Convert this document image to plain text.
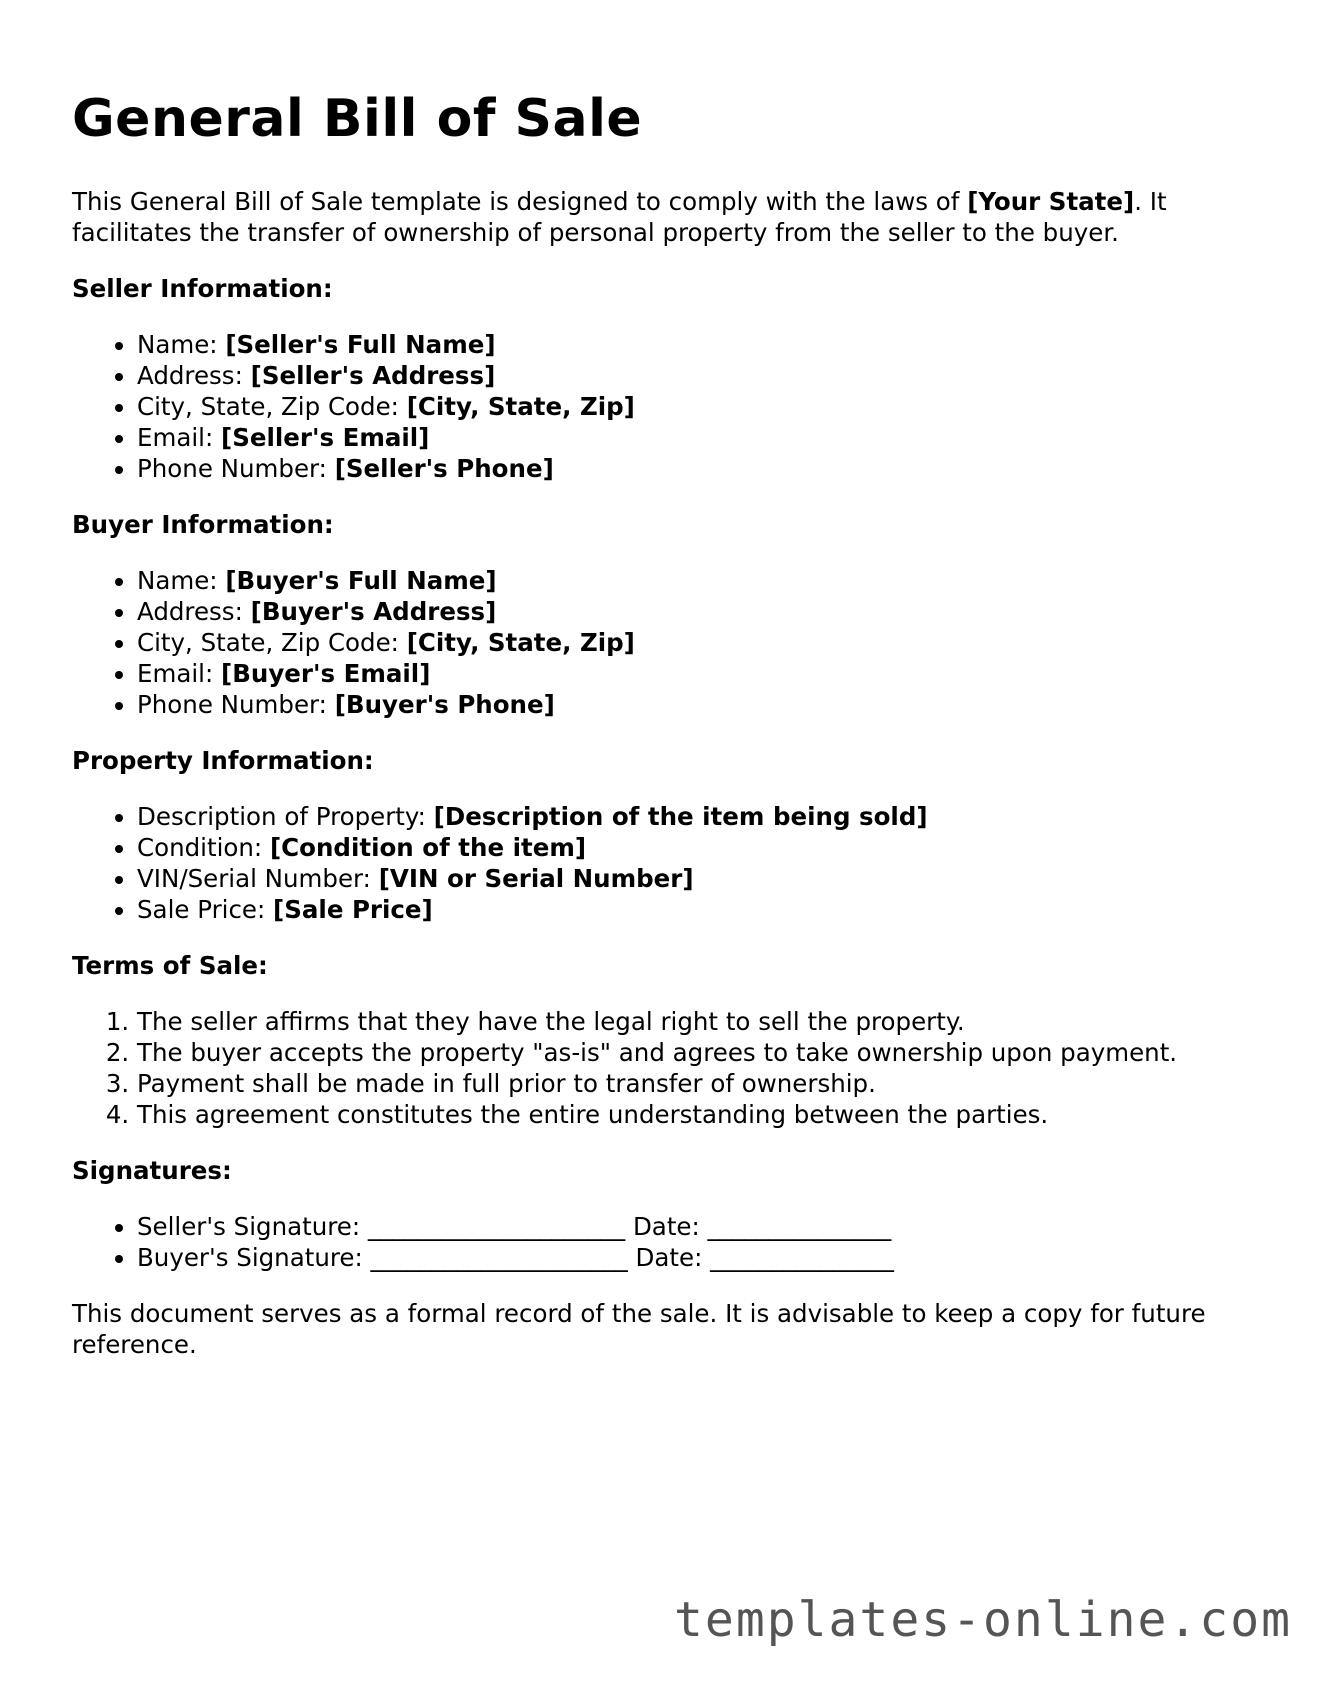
General Bill of Sale

This General Bill of Sale template is designed to comply with the laws of [Your State]. It facilitates the transfer of ownership of personal property from the seller to the buyer.

Seller Information:
• Name: [Seller's Full Name]
• Address: [Seller's Address]
• City, State, Zip Code: [City, State, Zip]
• Email: [Seller's Email]
• Phone Number: [Seller's Phone]
Buyer Information:
• Name: [Buyer's Full Name]
• Address: [Buyer's Address]
• City, State, Zip Code: [City, State, Zip]
• Email: [Buyer's Email]
• Phone Number: [Buyer's Phone]
Property Information:
• Description of Property: [Description of the item being sold]
• Condition: [Condition of the item]
• VIN/Serial Number: [VIN or Serial Number]
• Sale Price: [Sale Price]
Terms of Sale:
1. The seller affirms that they have the legal right to sell the property.
2. The buyer accepts the property "as-is" and agrees to take ownership upon payment.
3. Payment shall be made in full prior to transfer of ownership.
4. This agreement constitutes the entire understanding between the parties.
Signatures:
• Seller's Signature: _____________________ Date: _______________
• Buyer's Signature: _____________________ Date: _______________

This document serves as a formal record of the sale. It is advisable to keep a copy for future reference.

templates-online.com
